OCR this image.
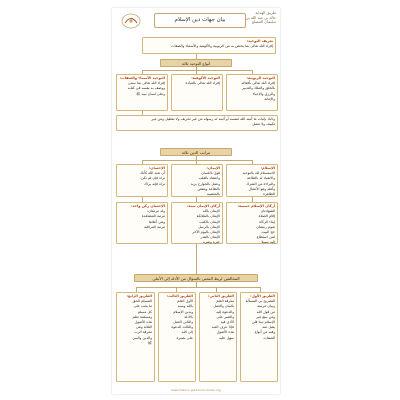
بيان جهات دين الإسلام
طريق الهداية
خالد بن عبد الله بن
سليمان المصلح
تعريف التوحيد:
إفراد الله تعالى بما يختص به من الربوبية والألوهية والأسماء والصفات
أنواع التوحيد ثلاثة
التوحيد الربوبية:
إفراد الله تعالى بأفعاله
بالخلق والملك والتدبير
والرزق والإحياء
والإماتة
التوحيد الألوهية:
إفراد الله تعالى بالعبادة
التوحيد الأسماء والصفات:
إفراد الله تعالى بما سمى
ووصف به نفسه في كتابه
وعلى لسان نبيه ﷺ
وذلك بإثبات ما أثبته الله لنفسه أو أثبته له رسوله من غير تحريف ولا تعطيل ومن غير
تكييف ولا تمثيل
مراتب الدين ثلاثة
الإسلام:
الاستسلام لله بالتوحيد
والانقياد له بالطاعة
والبراءة من الشرك
وأهله وهو الأعمال
الظاهرة
الإيمان:
قول باللسان
واعتقاد بالقلب
وعمل بالجوارح يزيد
بالطاعة وينقص
بالمعصية
الإحسان:
أن تعبد الله كأنك
تراه فإن لم تكن
تراه فإنه يراك
أركان الإسلام خمسة:
الشهادتان
إقام الصلاة
إيتاء الزكاة
صوم رمضان
حج البيت
لمن استطاع
إليه سبيلا
أركان الإيمان ستة:
الإيمان بالله
الإيمان بالملائكة
الإيمان بالكتب
الإيمان بالرسل
الإيمان باليوم الآخر
الإيمان بالقدر
خيره وشره
الإحسان ركن واحد:
وله مرتبتان:
مرتبة المشاهدة
وهي أعلاها
مرتبة المراقبة
المخالفين لربط المعنى بالسؤال من الأدلة إلى الأعلى
الطريق الأول:
التصريح بي المسألة
وبيان مرتبته
من قول الله
ومن يبتغ غير
الإسلام دينا فلن
يقبل منه
وفيه من أنواع
الصفات
الطريق الثاني:
معرفة العلم
بالبيان والعمل
والدعوة إليه
والصبر على
الأذى فيه
فإذا عرف العبد
هذه الأصول
سهل عليه
الطريق الثالث:
الأول العلم
بالله وبنبيه
وبدين الإسلام
بالأدلة
والثاني العمل
والثالث الدعوة
إلى الله
على بصيرة
الطريق الرابع:
المسلم الحق
ما يجب على
كل مسلم
ومسلمة تعلم
هذه الأصول
الثلاثة وهي
معرفة الرب
والدين والنبي
ﷺ
www.islamic-guidance-charts.org
